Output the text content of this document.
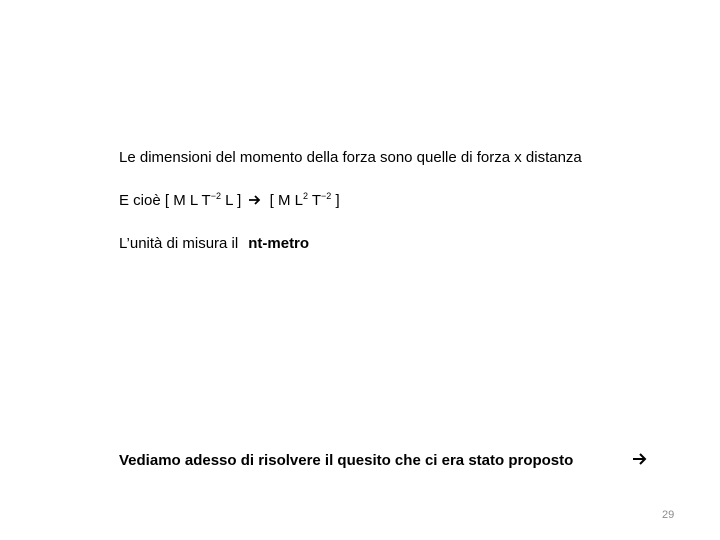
Le dimensioni del momento della forza sono quelle di forza x distanza
E cioè [ M L $T^{-2}$ L ] [ M $L^2$ $T^{-2}$ ]
L’unità di misura il nt-metro
Vediamo adesso di risolvere il quesito che ci era stato proposto
29
